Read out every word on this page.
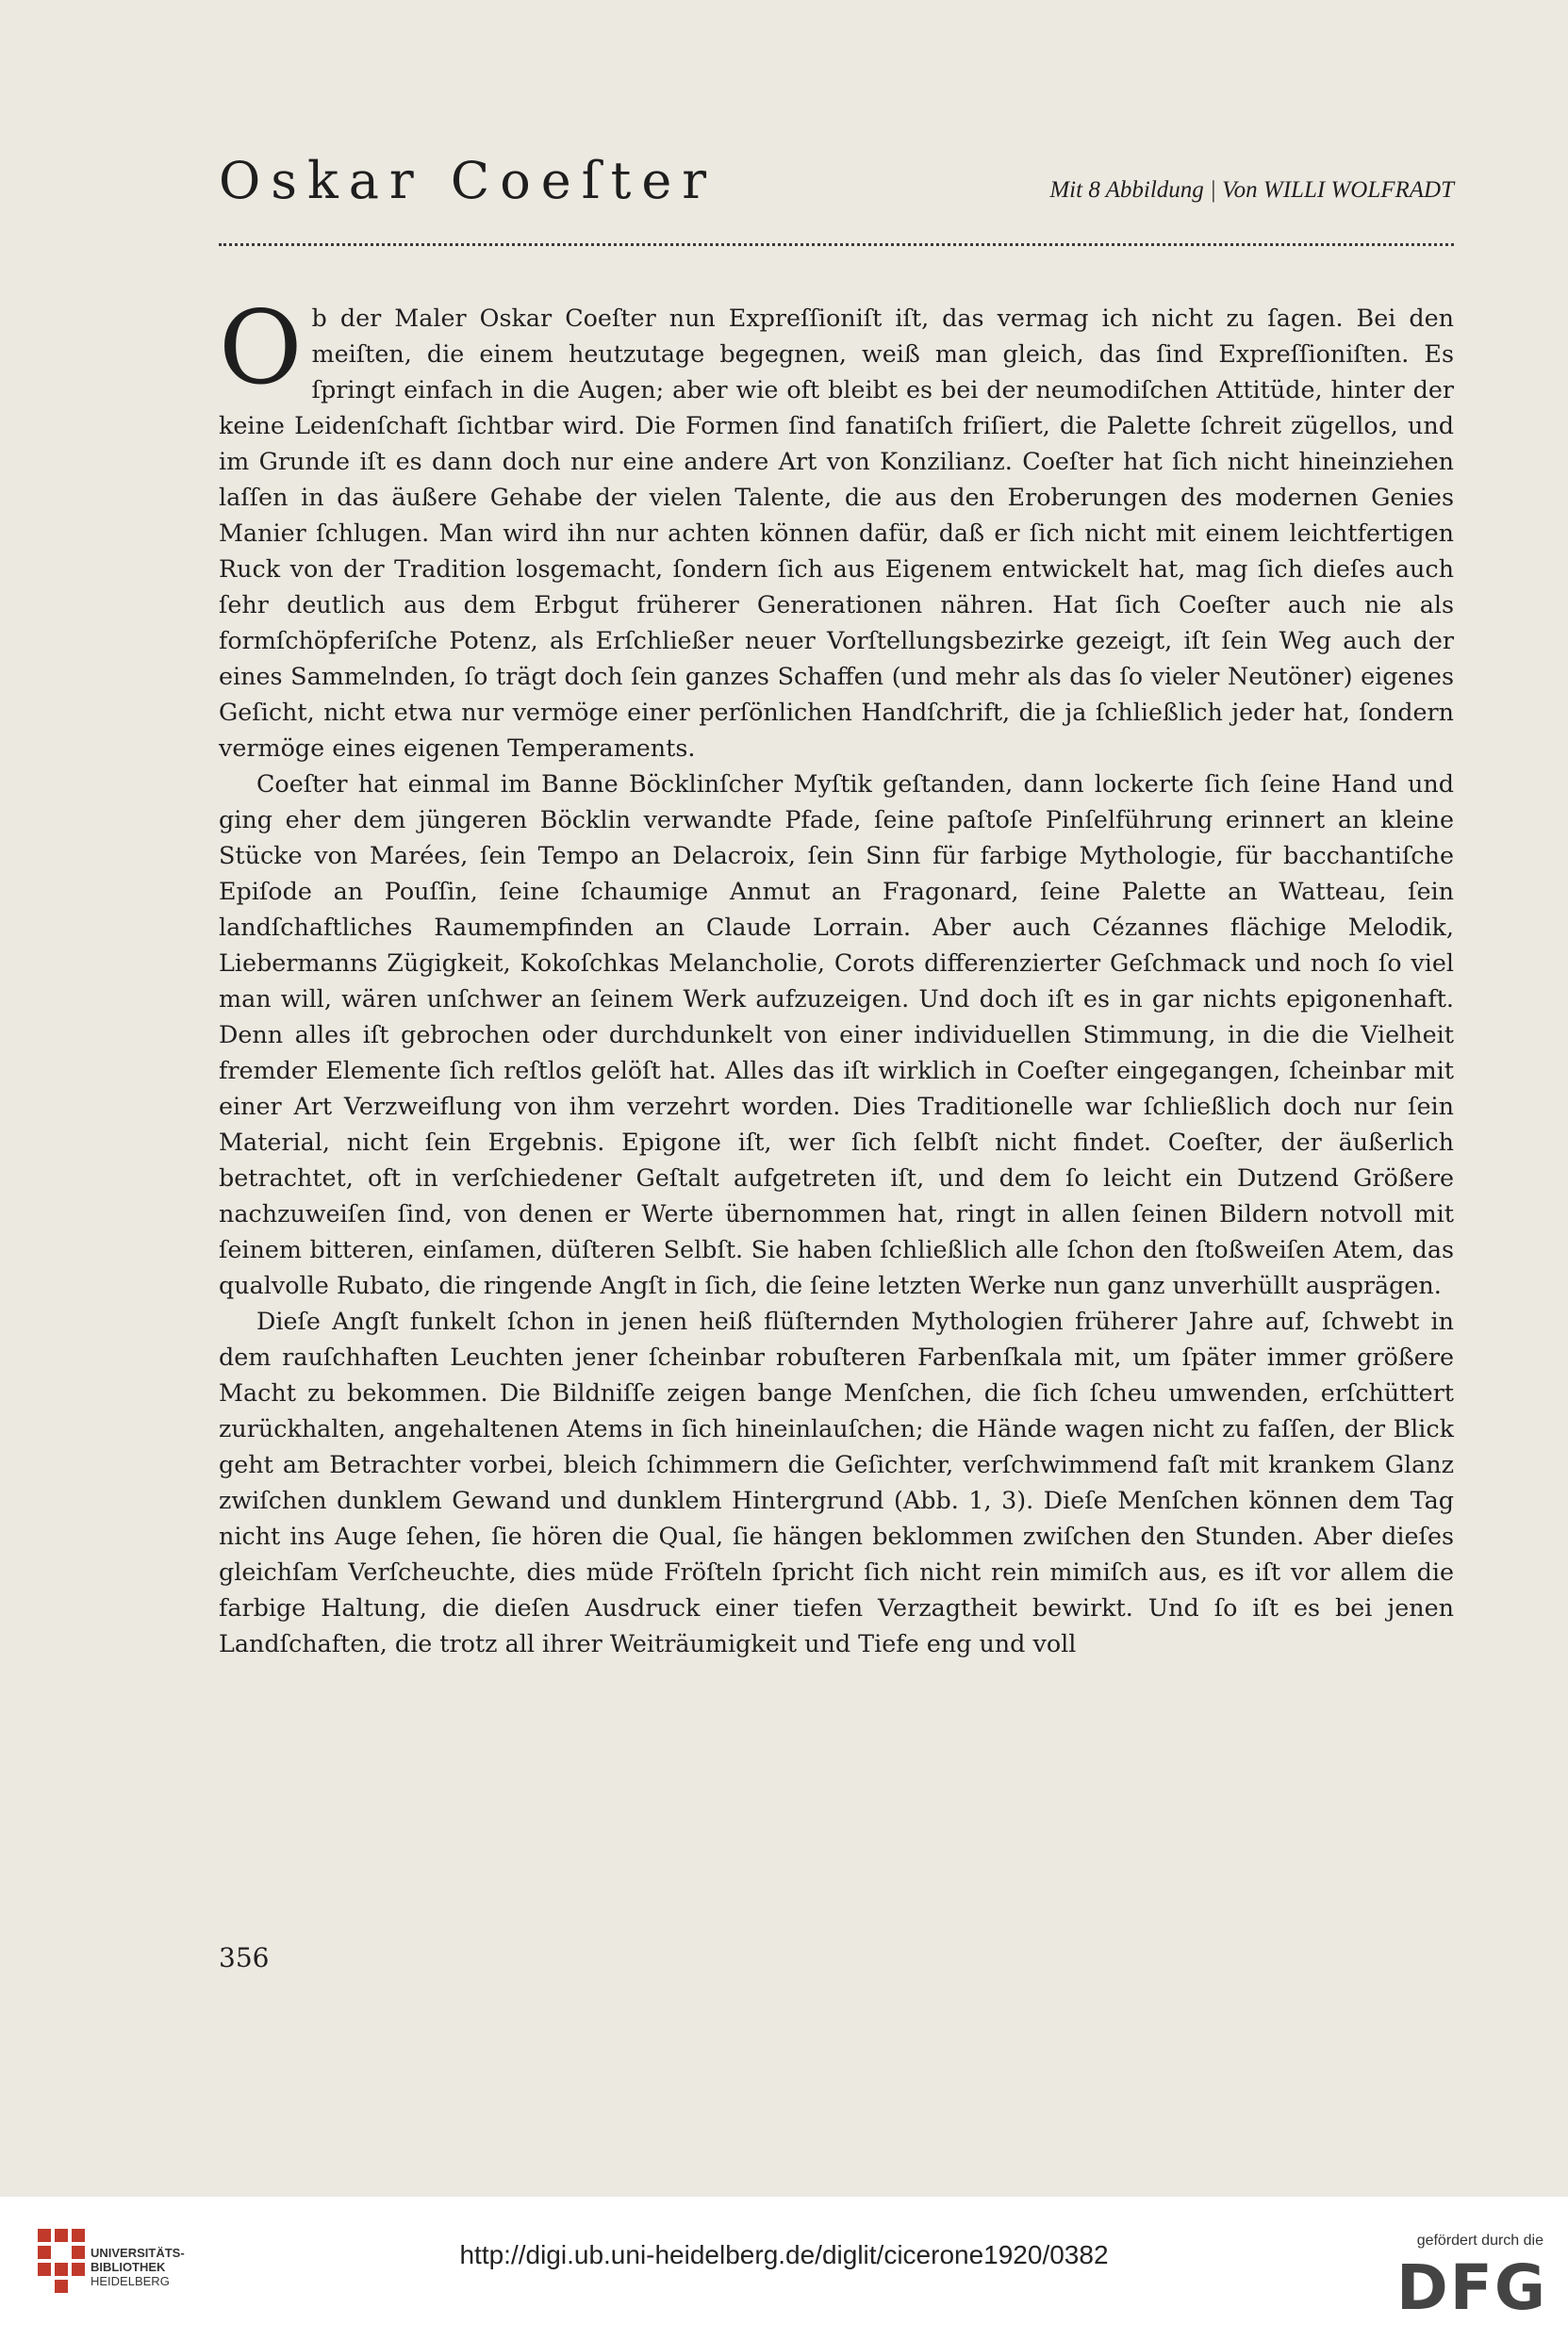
Oskar Coeſter	Mit 8 Abbildung | Von WILLI WOLFRADT

Ob der Maler Oskar Coeſter nun Expreſſioniſt iſt, das vermag ich nicht zu ſagen. Bei den meiſten, die einem heutzutage begegnen, weiß man gleich, das ſind Expreſſioniſten. Es ſpringt einfach in die Augen; aber wie oft bleibt es bei der neumodiſchen Attitüde, hinter der keine Leidenſchaft ſichtbar wird. Die Formen ſind fanatiſch friſiert, die Palette ſchreit zügellos, und im Grunde iſt es dann doch nur eine andere Art von Konzilianz. Coeſter hat ſich nicht hineinziehen laſſen in das äußere Gehabe der vielen Talente, die aus den Eroberungen des modernen Genies Manier ſchlugen. Man wird ihn nur achten können dafür, daß er ſich nicht mit einem leichtfertigen Ruck von der Tradition losgemacht, ſondern ſich aus Eigenem entwickelt hat, mag ſich dieſes auch ſehr deutlich aus dem Erbgut früherer Generationen nähren. Hat ſich Coeſter auch nie als formſchöpferiſche Potenz, als Erſchließer neuer Vorſtellungsbezirke gezeigt, iſt ſein Weg auch der eines Sammelnden, ſo trägt doch ſein ganzes Schaffen (und mehr als das ſo vieler Neutöner) eigenes Geſicht, nicht etwa nur vermöge einer perſönlichen Handſchrift, die ja ſchließlich jeder hat, ſondern vermöge eines eigenen Temperaments.

Coeſter hat einmal im Banne Böcklinſcher Myſtik geſtanden, dann lockerte ſich ſeine Hand und ging eher dem jüngeren Böcklin verwandte Pfade, ſeine paſtoſe Pinſelführung erinnert an kleine Stücke von Marées, ſein Tempo an Delacroix, ſein Sinn für farbige Mythologie, für bacchantiſche Epiſode an Pouſſin, ſeine ſchaumige Anmut an Fragonard, ſeine Palette an Watteau, ſein landſchaftliches Raumempfinden an Claude Lorrain. Aber auch Cézannes flächige Melodik, Liebermanns Zügigkeit, Kokoſchkas Melancholie, Corots differenzierter Geſchmack und noch ſo viel man will, wären unſchwer an ſeinem Werk aufzuzeigen. Und doch iſt es in gar nichts epigonenhaft. Denn alles iſt gebrochen oder durchdunkelt von einer individuellen Stimmung, in die die Vielheit fremder Elemente ſich reſtlos gelöſt hat. Alles das iſt wirklich in Coeſter eingegangen, ſcheinbar mit einer Art Verzweiflung von ihm verzehrt worden. Dies Traditionelle war ſchließlich doch nur ſein Material, nicht ſein Ergebnis. Epigone iſt, wer ſich ſelbſt nicht findet. Coeſter, der äußerlich betrachtet, oft in verſchiedener Geſtalt aufgetreten iſt, und dem ſo leicht ein Dutzend Größere nachzuweiſen ſind, von denen er Werte übernommen hat, ringt in allen ſeinen Bildern notvoll mit ſeinem bitteren, einſamen, düſteren Selbſt. Sie haben ſchließlich alle ſchon den ſtoßweiſen Atem, das qualvolle Rubato, die ringende Angſt in ſich, die ſeine letzten Werke nun ganz unverhüllt ausprägen.

Dieſe Angſt funkelt ſchon in jenen heiß flüſternden Mythologien früherer Jahre auf, ſchwebt in dem rauſchhaften Leuchten jener ſcheinbar robuſteren Farbenſkala mit, um ſpäter immer größere Macht zu bekommen. Die Bildniſſe zeigen bange Menſchen, die ſich ſcheu umwenden, erſchüttert zurückhalten, angehaltenen Atems in ſich hineinlauſchen; die Hände wagen nicht zu faſſen, der Blick geht am Betrachter vorbei, bleich ſchimmern die Geſichter, verſchwimmend faſt mit krankem Glanz zwiſchen dunklem Gewand und dunklem Hintergrund (Abb. 1, 3). Dieſe Menſchen können dem Tag nicht ins Auge ſehen, ſie hören die Qual, ſie hängen beklommen zwiſchen den Stunden. Aber dieſes gleichſam Verſcheuchte, dies müde Fröſteln ſpricht ſich nicht rein mimiſch aus, es iſt vor allem die farbige Haltung, die dieſen Ausdruck einer tiefen Verzagtheit bewirkt. Und ſo iſt es bei jenen Landſchaften, die trotz all ihrer Weiträumigkeit und Tiefe eng und voll

356
UNIVERSITÄTS-
BIBLIOTHEK
HEIDELBERG
http://digi.ub.uni-heidelberg.de/diglit/cicerone1920/0382	gefördert durch die
DFG
